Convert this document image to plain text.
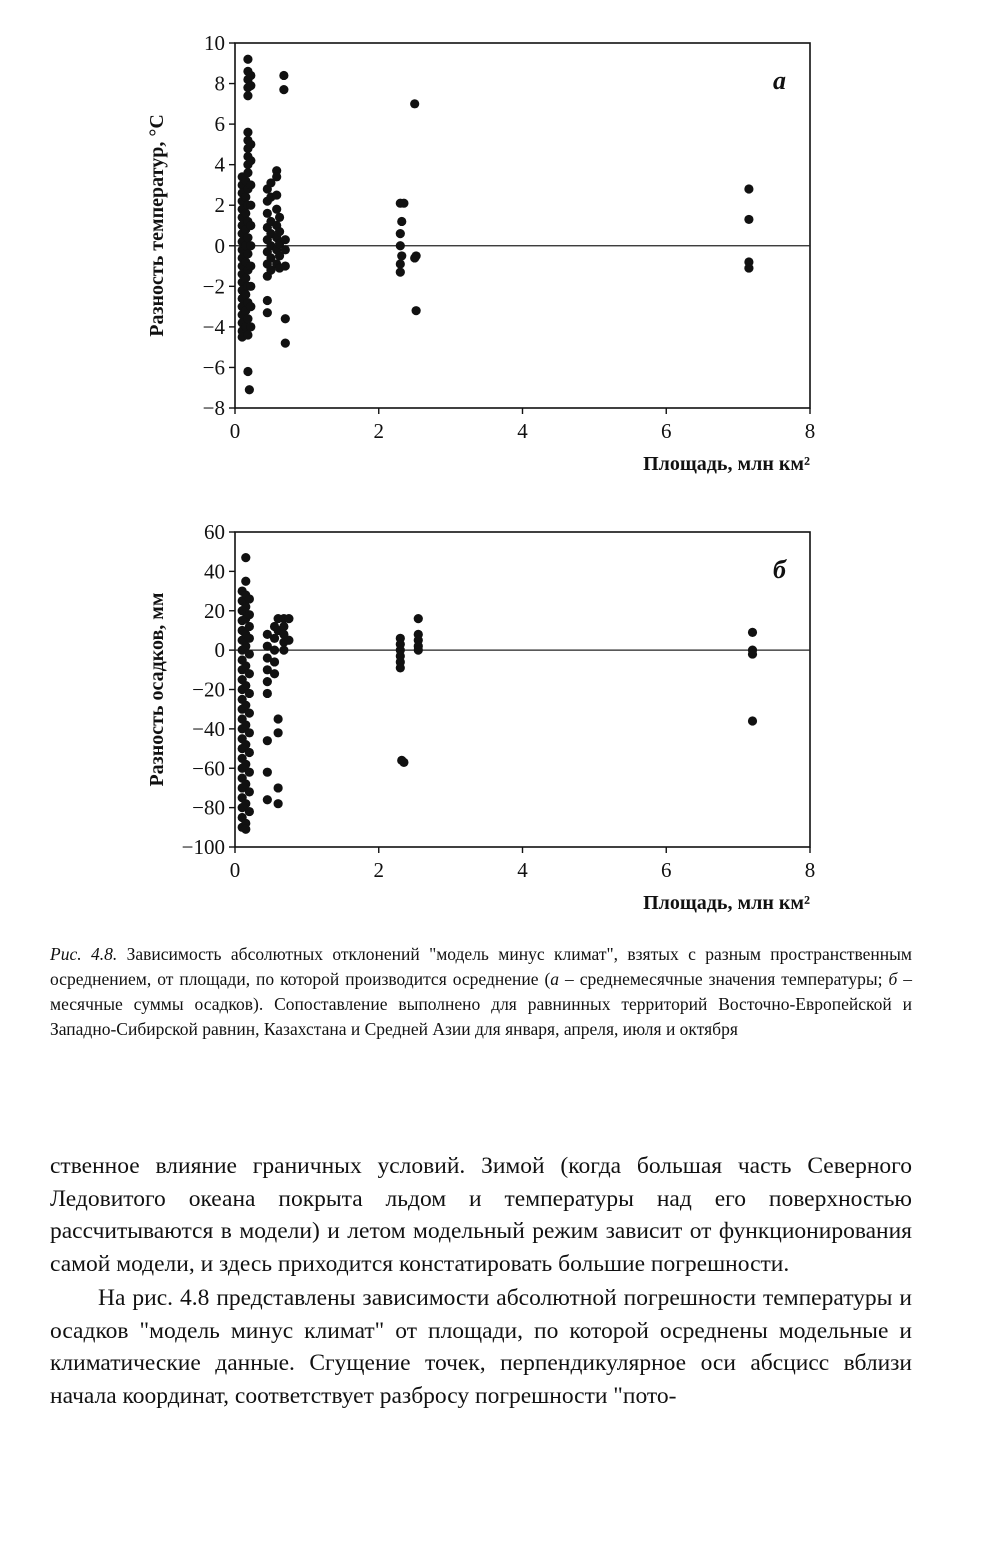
10
8
6
4
2
0
−2
−4
−6
−8
0	2	4	6	8
Площадь, млн км²
Разность температур, °С
a
60
40
20
0
−20
−40
−60
−80
−100
0	2	4	6	8
Площадь, млн км²
Разность осадков, мм
б
Рис. 4.8. Зависимость абсолютных отклонений "модель минус климат", взятых с разным пространственным осреднением, от площади, по которой производится осреднение (а – среднемесячные значения температуры; б – месячные суммы осадков). Сопоставление выполнено для равнинных территорий Восточно-Европейской и Западно-Сибирской равнин, Казахстана и Средней Азии для января, апреля, июля и октября

ственное влияние граничных условий. Зимой (когда большая часть Северного Ледовитого океана покрыта льдом и температуры над его поверхностью рассчитываются в модели) и летом модельный режим зависит от функционирования самой модели, и здесь приходится констатировать большие погрешности.

На рис. 4.8 представлены зависимости абсолютной погрешности температуры и осадков "модель минус климат" от площади, по которой осреднены модельные и климатические данные. Сгущение точек, перпендикулярное оси абсцисс вблизи начала координат, соответствует разбросу погрешности "пото-
